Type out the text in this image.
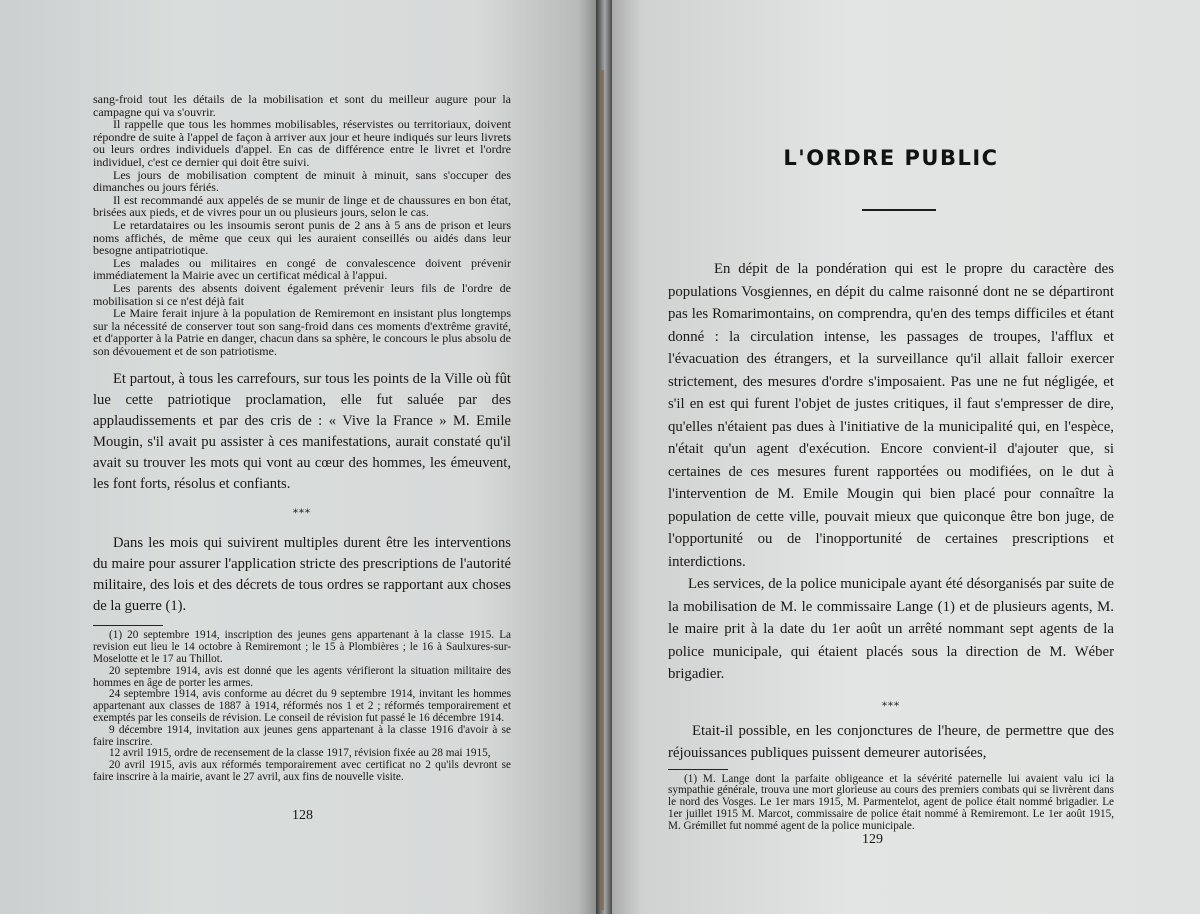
sang-froid tout les détails de la mobilisation et sont du meilleur augure pour la campagne qui va s'ouvrir.

Il rappelle que tous les hommes mobilisables, réservistes ou territoriaux, doivent répondre de suite à l'appel de façon à arriver aux jour et heure indiqués sur leurs livrets ou leurs ordres individuels d'appel. En cas de différence entre le livret et l'ordre individuel, c'est ce dernier qui doit être suivi.

Les jours de mobilisation comptent de minuit à minuit, sans s'occuper des dimanches ou jours fériés.

Il est recommandé aux appelés de se munir de linge et de chaussures en bon état, brisées aux pieds, et de vivres pour un ou plusieurs jours, selon le cas.

Le retardataires ou les insoumis seront punis de 2 ans à 5 ans de prison et leurs noms affichés, de même que ceux qui les auraient conseillés ou aidés dans leur besogne antipatriotique.

Les malades ou militaires en congé de convalescence doivent prévenir immédiatement la Mairie avec un certificat médical à l'appui.

Les parents des absents doivent également prévenir leurs fils de l'ordre de mobilisation si ce n'est déjà fait

Le Maire ferait injure à la population de Remiremont en insistant plus longtemps sur la nécessité de conserver tout son sang-froid dans ces moments d'extrême gravité, et d'apporter à la Patrie en danger, chacun dans sa sphère, le concours le plus absolu de son dévouement et de son patriotisme.

Et partout, à tous les carrefours, sur tous les points de la Ville où fût lue cette patriotique proclamation, elle fut saluée par des applaudissements et par des cris de : « Vive la France » M. Emile Mougin, s'il avait pu assister à ces manifestations, aurait constaté qu'il avait su trouver les mots qui vont au cœur des hommes, les émeuvent, les font forts, résolus et confiants.

***

Dans les mois qui suivirent multiples durent être les interventions du maire pour assurer l'application stricte des prescriptions de l'autorité militaire, des lois et des décrets de tous ordres se rapportant aux choses de la guerre (1).

(1) 20 septembre 1914, inscription des jeunes gens appartenant à la classe 1915. La revision eut lieu le 14 octobre à Remiremont ; le 15 à Plombières ; le 16 à Saulxures-sur-Moselotte et le 17 au Thillot.

20 septembre 1914, avis est donné que les agents vérifieront la situation militaire des hommes en âge de porter les armes.

24 septembre 1914, avis conforme au décret du 9 septembre 1914, invitant les hommes appartenant aux classes de 1887 à 1914, réformés nos 1 et 2 ; réformés temporairement et exemptés par les conseils de révision. Le conseil de révision fut passé le 16 décembre 1914.

9 décembre 1914, invitation aux jeunes gens appartenant à la classe 1916 d'avoir à se faire inscrire.

12 avril 1915, ordre de recensement de la classe 1917, révision fixée au 28 mai 1915,

20 avril 1915, avis aux réformés temporairement avec certificat no 2 qu'ils devront se faire inscrire à la mairie, avant le 27 avril, aux fins de nouvelle visite.

128
L'ORDRE PUBLIC

En dépit de la pondération qui est le propre du caractère des populations Vosgiennes, en dépit du calme raisonné dont ne se départiront pas les Romarimontains, on comprendra, qu'en des temps difficiles et étant donné : la circulation intense, les passages de troupes, l'afflux et l'évacuation des étrangers, et la surveillance qu'il allait falloir exercer strictement, des mesures d'ordre s'imposaient. Pas une ne fut négligée, et s'il en est qui furent l'objet de justes critiques, il faut s'empresser de dire, qu'elles n'étaient pas dues à l'initiative de la municipalité qui, en l'espèce, n'était qu'un agent d'exécution. Encore convient-il d'ajouter que, si certaines de ces mesures furent rapportées ou modifiées, on le dut à l'intervention de M. Emile Mougin qui bien placé pour connaître la population de cette ville, pouvait mieux que quiconque être bon juge, de l'opportunité ou de l'inopportunité de certaines prescriptions et interdictions.

Les services, de la police municipale ayant été désorganisés par suite de la mobilisation de M. le commissaire Lange (1) et de plusieurs agents, M. le maire prit à la date du 1er août un arrêté nommant sept agents de la police municipale, qui étaient placés sous la direction de M. Wéber brigadier.

***

Etait-il possible, en les conjonctures de l'heure, de permettre que des réjouissances publiques puissent demeurer autorisées,

(1) M. Lange dont la parfaite obligeance et la sévérité paternelle lui avaient valu ici la sympathie générale, trouva une mort glorieuse au cours des premiers combats qui se livrèrent dans le nord des Vosges. Le 1er mars 1915, M. Parmentelot, agent de police était nommé brigadier. Le 1er juillet 1915 M. Marcot, commissaire de police était nommé à Remiremont. Le 1er août 1915, M. Grémillet fut nommé agent de la police municipale.

129
